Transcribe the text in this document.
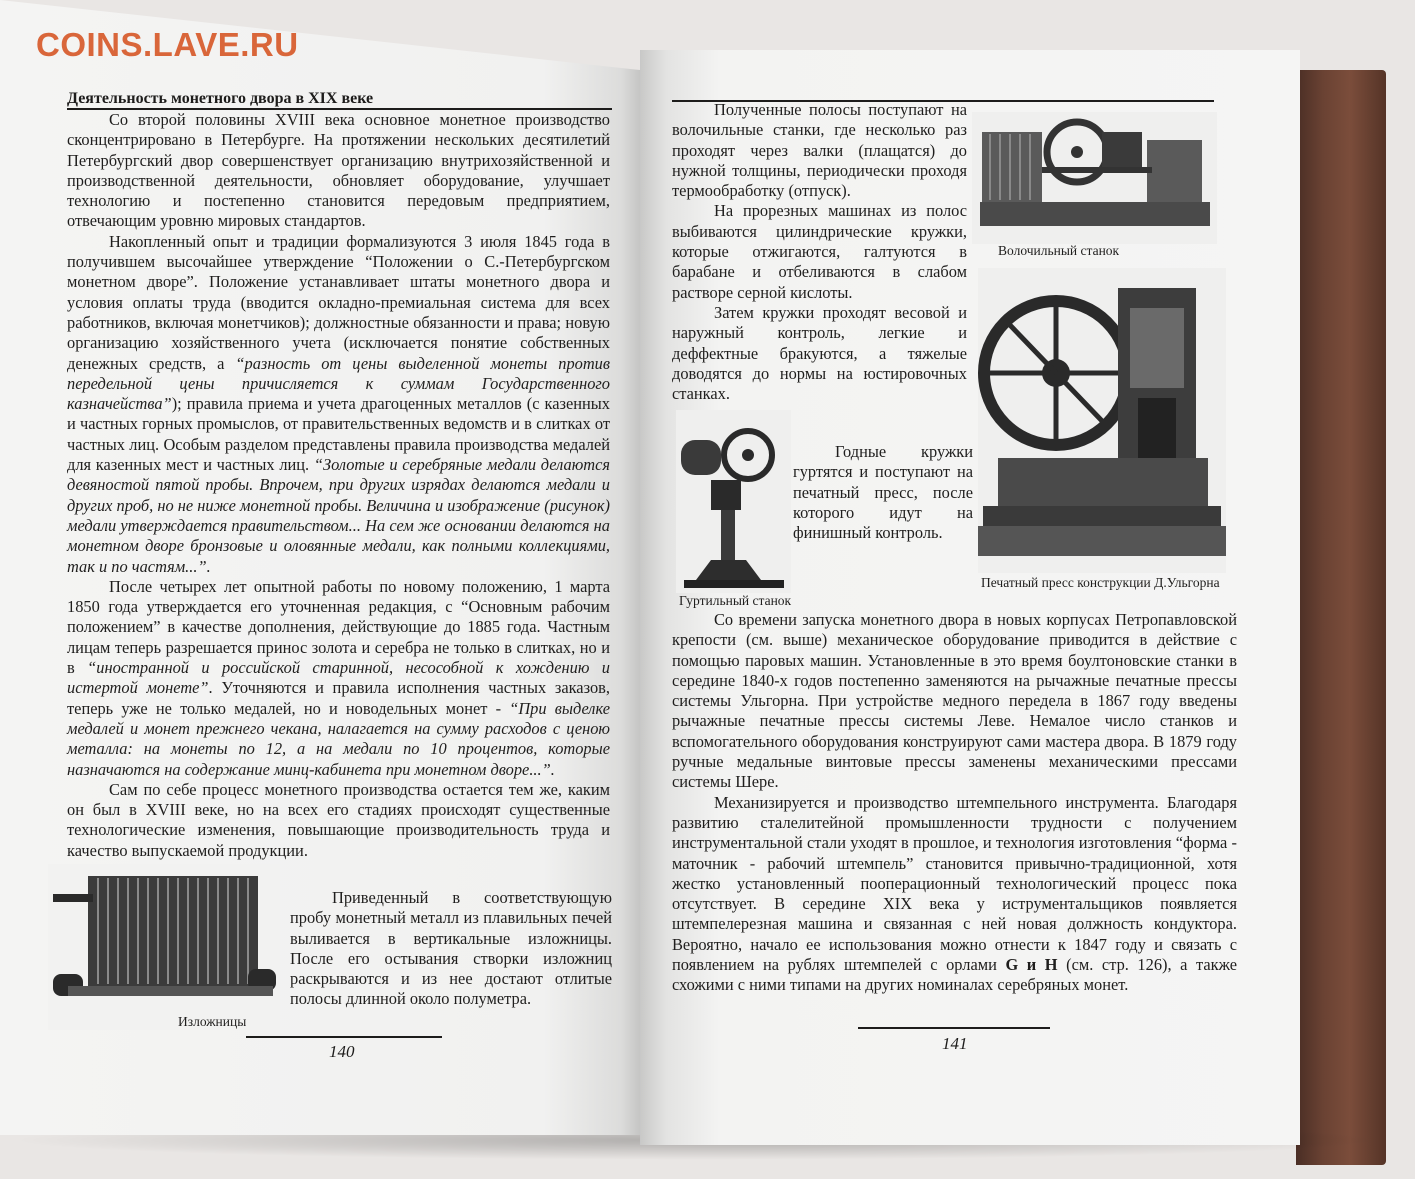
COINS.LAVE.RU
Деятельность монетного двора в XIX веке

Со второй половины XVIII века основное монетное производство сконцентрировано в Петербурге. На протяжении нескольких десятилетий Петербургский двор совершенствует организацию внутрихозяйственной и производственной деятельности, обновляет оборудование, улучшает технологию и постепенно становится передовым предприятием, отвечающим уровню мировых стандартов.

Накопленный опыт и традиции формализуются 3 июля 1845 года в получившем высочайшее утверждение “Положении о С.-Петербургском монетном дворе”. Положение устанавливает штаты монетного двора и условия оплаты труда (вводится окладно-премиальная система для всех работников, включая монетчиков); должностные обязанности и права; новую организацию хозяйственного учета (исключается понятие собственных денежных средств, а “разность от цены выделенной монеты против передельной цены причисляется к суммам Государственного казначейства”); правила приема и учета драгоценных металлов (с казенных и частных горных промыслов, от правительственных ведомств и в слитках от частных лиц. Особым разделом представлены правила производства медалей для казенных мест и частных лиц. “Золотые и серебряные медали делаются девяностой пятой пробы. Впрочем, при других изрядах делаются медали и других проб, но не ниже монетной пробы. Величина и изображение (рисунок) медали утверждается правительством... На сем же основании делаются на монетном дворе бронзовые и оловянные медали, как полными коллекциями, так и по частям...”.

После четырех лет опытной работы по новому положению, 1 марта 1850 года утверждается его уточненная редакция, с “Основным рабочим положением” в качестве дополнения, действующие до 1885 года. Частным лицам теперь разрешается принос золота и серебра не только в слитках, но и в “иностранной и российской старинной, несособной к хождению и истертой монете”. Уточняются и правила исполнения частных заказов, теперь уже не только медалей, но и новодельных монет - “При выделке медалей и монет прежнего чекана, налагается на сумму расходов с ценою металла: на монеты по 12, а на медали по 10 процентов, которые назначаются на содержание минц-кабинета при монетном дворе...”.

Сам по себе процесс монетного производства остается тем же, каким он был в XVIII веке, но на всех его стадиях происходят существенные технологические изменения, повышающие производительность труда и качество выпускаемой продукции.

Изложницы

Приведенный в соответствующую пробу монетный металл из плавильных печей выливается в вертикальные изложницы. После его остывания створки изложниц раскрываются и из нее достают отлитые полосы длинной около полуметра.

140

Полученные полосы поступают на волочильные станки, где несколько раз проходят через валки (плащатся) до нужной толщины, периодически проходя термообработку (отпуск).

На прорезных машинах из полос выбиваются цилиндрические кружки, которые отжигаются, галтуются в барабане и отбеливаются в слабом растворе серной кислоты.

Затем кружки проходят весовой и наружный контроль, легкие и деффектные бракуются, а тяжелые доводятся до нормы на юстировочных станках.

Волочильный станок
Печатный пресс конструкции Д.Ульгорна
Гуртильный станок

Годные кружки гуртятся и поступают на печатный пресс, после которого идут на финишный контроль.

Со времени запуска монетного двора в новых корпусах Петропавловской крепости (см. выше) механическое оборудование приводится в действие с помощью паровых машин. Установленные в это время боултоновские станки в середине 1840-х годов постепенно заменяются на рычажные печатные прессы системы Ульгорна. При устройстве медного передела в 1867 году введены рычажные печатные прессы системы Леве. Немалое число станков и вспомогательного оборудования конструируют сами мастера двора. В 1879 году ручные медальные винтовые прессы заменены механическими прессами системы Шере.

Механизируется и производство штемпельного инструмента. Благодаря развитию сталелитейной промышленности трудности с получением инструментальной стали уходят в прошлое, и технология изготовления “форма - маточник - рабочий штемпель” становится привычно-традиционной, хотя жестко установленный пооперационный технологический процесс пока отсутствует. В середине XIX века у иструментальщиков появляется штемпелерезная машина и связанная с ней новая должность кондуктора. Вероятно, начало ее использования можно отнести к 1847 году и связать с появлением на рублях штемпелей с орлами G и H (см. стр. 126), а также схожими с ними типами на других номиналах серебряных монет.

141
